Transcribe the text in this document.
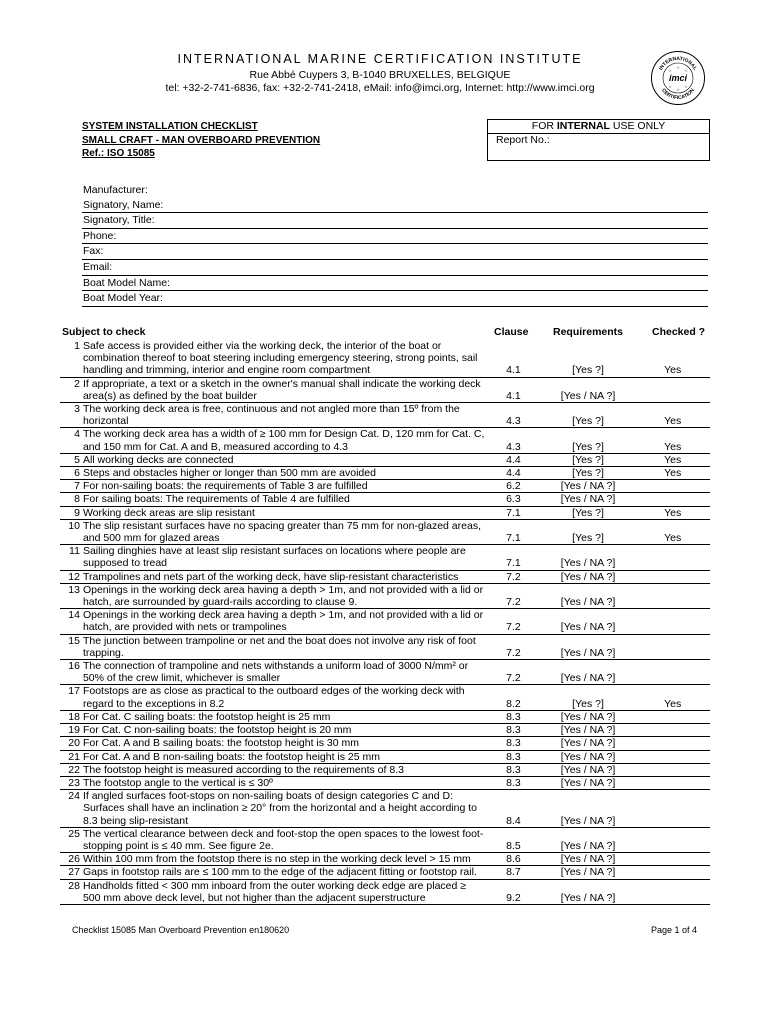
INTERNATIONAL MARINE CERTIFICATION INSTITUTE
Rue Abbé Cuypers 3, B-1040 BRUXELLES, BELGIQUE
tel: +32-2-741-6836, fax: +32-2-741-2418, eMail: info@imci.org, Internet: http://www.imci.org
INTERNATIONAL
CERTIFICATION
imci
☆
☆
☆
☆
☆
☆
SYSTEM INSTALLATION CHECKLIST
SMALL CRAFT - MAN OVERBOARD PREVENTION
Ref.: ISO 15085
FOR INTERNAL USE ONLY
Report No.:
Manufacturer:
Signatory, Name:
Signatory, Title:
Phone:
Fax:
Email:
Boat Model Name:
Boat Model Year:
Subject to check	Clause Requirements	Checked ?
1	Safe access is provided either via the working deck, the interior of the boat or combination thereof to boat steering including emergency steering, strong points, sail handling and trimming, interior and engine room compartment	4.1	[Yes ?]	Yes
2	If appropriate, a text or a sketch in the owner's manual shall indicate the working deck area(s) as defined by the boat builder	4.1	[Yes / NA ?]	
3	The working deck area is free, continuous and not angled more than 15º from the horizontal	4.3	[Yes ?]	Yes
4	The working deck area has a width of ≥ 100 mm for Design Cat. D, 120 mm for Cat. C, and 150 mm for Cat. A and B, measured according to 4.3	4.3	[Yes ?]	Yes
5	All working decks are connected	4.4	[Yes ?]	Yes
6	Steps and obstacles higher or longer than 500 mm are avoided	4.4	[Yes ?]	Yes
7	For non-sailing boats: the requirements of Table 3 are fulfilled	6.2	[Yes / NA ?]	
8	For sailing boats: The requirements of Table 4 are fulfilled	6.3	[Yes / NA ?]	
9	Working deck areas are slip resistant	7.1	[Yes ?]	Yes
10	The slip resistant surfaces have no spacing greater than 75 mm for non-glazed areas, and 500 mm for glazed areas	7.1	[Yes ?]	Yes
11	Sailing dinghies have at least slip resistant surfaces on locations where people are supposed to tread	7.1	[Yes / NA ?]	
12	Trampolines and nets part of the working deck, have slip-resistant characteristics	7.2	[Yes / NA ?]	
13	Openings in the working deck area having a depth > 1m, and not provided with a lid or hatch, are surrounded by guard-rails according to clause 9.	7.2	[Yes / NA ?]	
14	Openings in the working deck area having a depth > 1m, and not provided with a lid or hatch, are provided with nets or trampolines	7.2	[Yes / NA ?]	
15	The junction between trampoline or net and the boat does not involve any risk of foot trapping.	7.2	[Yes / NA ?]	
16	The connection of trampoline and nets withstands a uniform load of 3000 N/mm² or 50% of the crew limit, whichever is smaller	7.2	[Yes / NA ?]	
17	Footstops are as close as practical to the outboard edges of the working deck with regard to the exceptions in 8.2	8.2	[Yes ?]	Yes
18	For Cat. C sailing boats: the footstop height is 25 mm	8.3	[Yes / NA ?]	
19	For Cat. C non-sailing boats: the footstop height is 20 mm	8.3	[Yes / NA ?]	
20	For Cat. A and B sailing boats: the footstop height is 30 mm	8.3	[Yes / NA ?]	
21	For Cat. A and B non-sailing boats: the footstop height is 25 mm	8.3	[Yes / NA ?]	
22	The footstop height is measured according to the requirements of 8.3	8.3	[Yes / NA ?]	
23	The footstop angle to the vertical is ≤ 30º	8.3	[Yes / NA ?]	
24	If angled surfaces foot-stops on non-sailing boats of design categories C and D: Surfaces shall have an inclination ≥ 20° from the horizontal and a height according to 8.3 being slip-resistant	8.4	[Yes / NA ?]	
25	The vertical clearance between deck and foot-stop the open spaces to the lowest foot-stopping point is ≤ 40 mm. See figure 2e.	8.5	[Yes / NA ?]	
26	Within 100 mm from the footstop there is no step in the working deck level > 15 mm	8.6	[Yes / NA ?]	
27	Gaps in footstop rails are ≤ 100 mm to the edge of the adjacent fitting or footstop rail.	8.7	[Yes / NA ?]	
28	Handholds fitted < 300 mm inboard from the outer working deck edge are placed ≥ 500 mm above deck level, but not higher than the adjacent superstructure	9.2	[Yes / NA ?]	
Checklist 15085 Man Overboard Prevention en180620	Page 1 of 4
